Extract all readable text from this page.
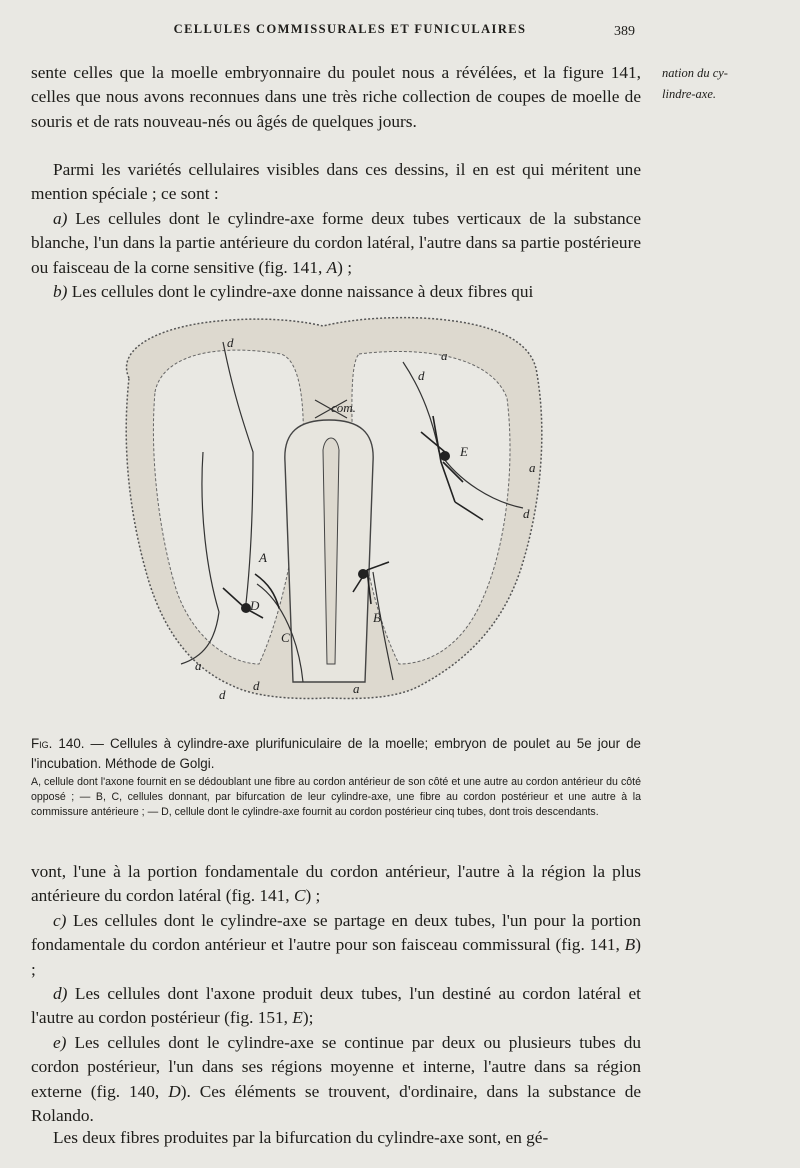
CELLULES COMMISSURALES ET FUNICULAIRES	389
nation du cy-
lindre-axe.

sente celles que la moelle embryonnaire du poulet nous a révélées, et la figure 141, celles que nous avons reconnues dans une très riche collection de coupes de moelle de souris et de rats nouveau-nés ou âgés de quelques jours.

Parmi les variétés cellulaires visibles dans ces dessins, il en est qui méritent une mention spéciale ; ce sont :

a) Les cellules dont le cylindre-axe forme deux tubes verticaux de la substance blanche, l'un dans la partie antérieure du cordon latéral, l'autre dans sa partie postérieure ou faisceau de la corne sensitive (fig. 141, A) ;

b) Les cellules dont le cylindre-axe donne naissance à deux fibres qui

d
a
d
com.
E
a
d
A
D
C
B
a
d
d	a

Fig. 140. — Cellules à cylindre-axe plurifuniculaire de la moelle; embryon de poulet au 5e jour de l'incubation. Méthode de Golgi.

A, cellule dont l'axone fournit en se dédoublant une fibre au cordon antérieur de son côté et une autre au cordon antérieur du côté opposé ; — B, C, cellules donnant, par bifurcation de leur cylindre-axe, une fibre au cordon postérieur et une autre à la commissure antérieure ; — D, cellule dont le cylindre-axe fournit au cordon postérieur cinq tubes, dont trois descendants.

vont, l'une à la portion fondamentale du cordon antérieur, l'autre à la région la plus antérieure du cordon latéral (fig. 141, C) ;

c) Les cellules dont le cylindre-axe se partage en deux tubes, l'un pour la portion fondamentale du cordon antérieur et l'autre pour son faisceau commissural (fig. 141, B) ;

d) Les cellules dont l'axone produit deux tubes, l'un destiné au cordon latéral et l'autre au cordon postérieur (fig. 151, E);

e) Les cellules dont le cylindre-axe se continue par deux ou plusieurs tubes du cordon postérieur, l'un dans ses régions moyenne et interne, l'autre dans sa région externe (fig. 140, D). Ces éléments se trouvent, d'ordinaire, dans la substance de Rolando.

Les deux fibres produites par la bifurcation du cylindre-axe sont, en gé-
